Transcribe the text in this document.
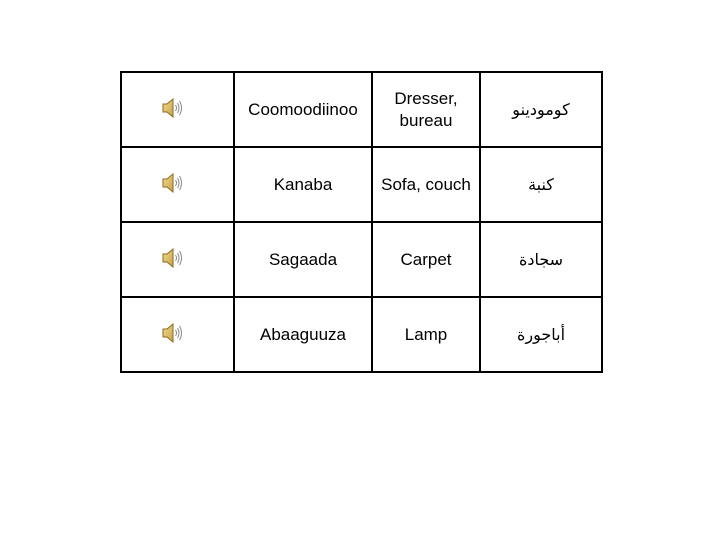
	Coomoodiinoo	Dresser, bureau	كومودينو

	Kanaba	Sofa, couch	كنبة

	Sagaada	Carpet	سجادة

	Abaaguuza	Lamp	أباجورة
